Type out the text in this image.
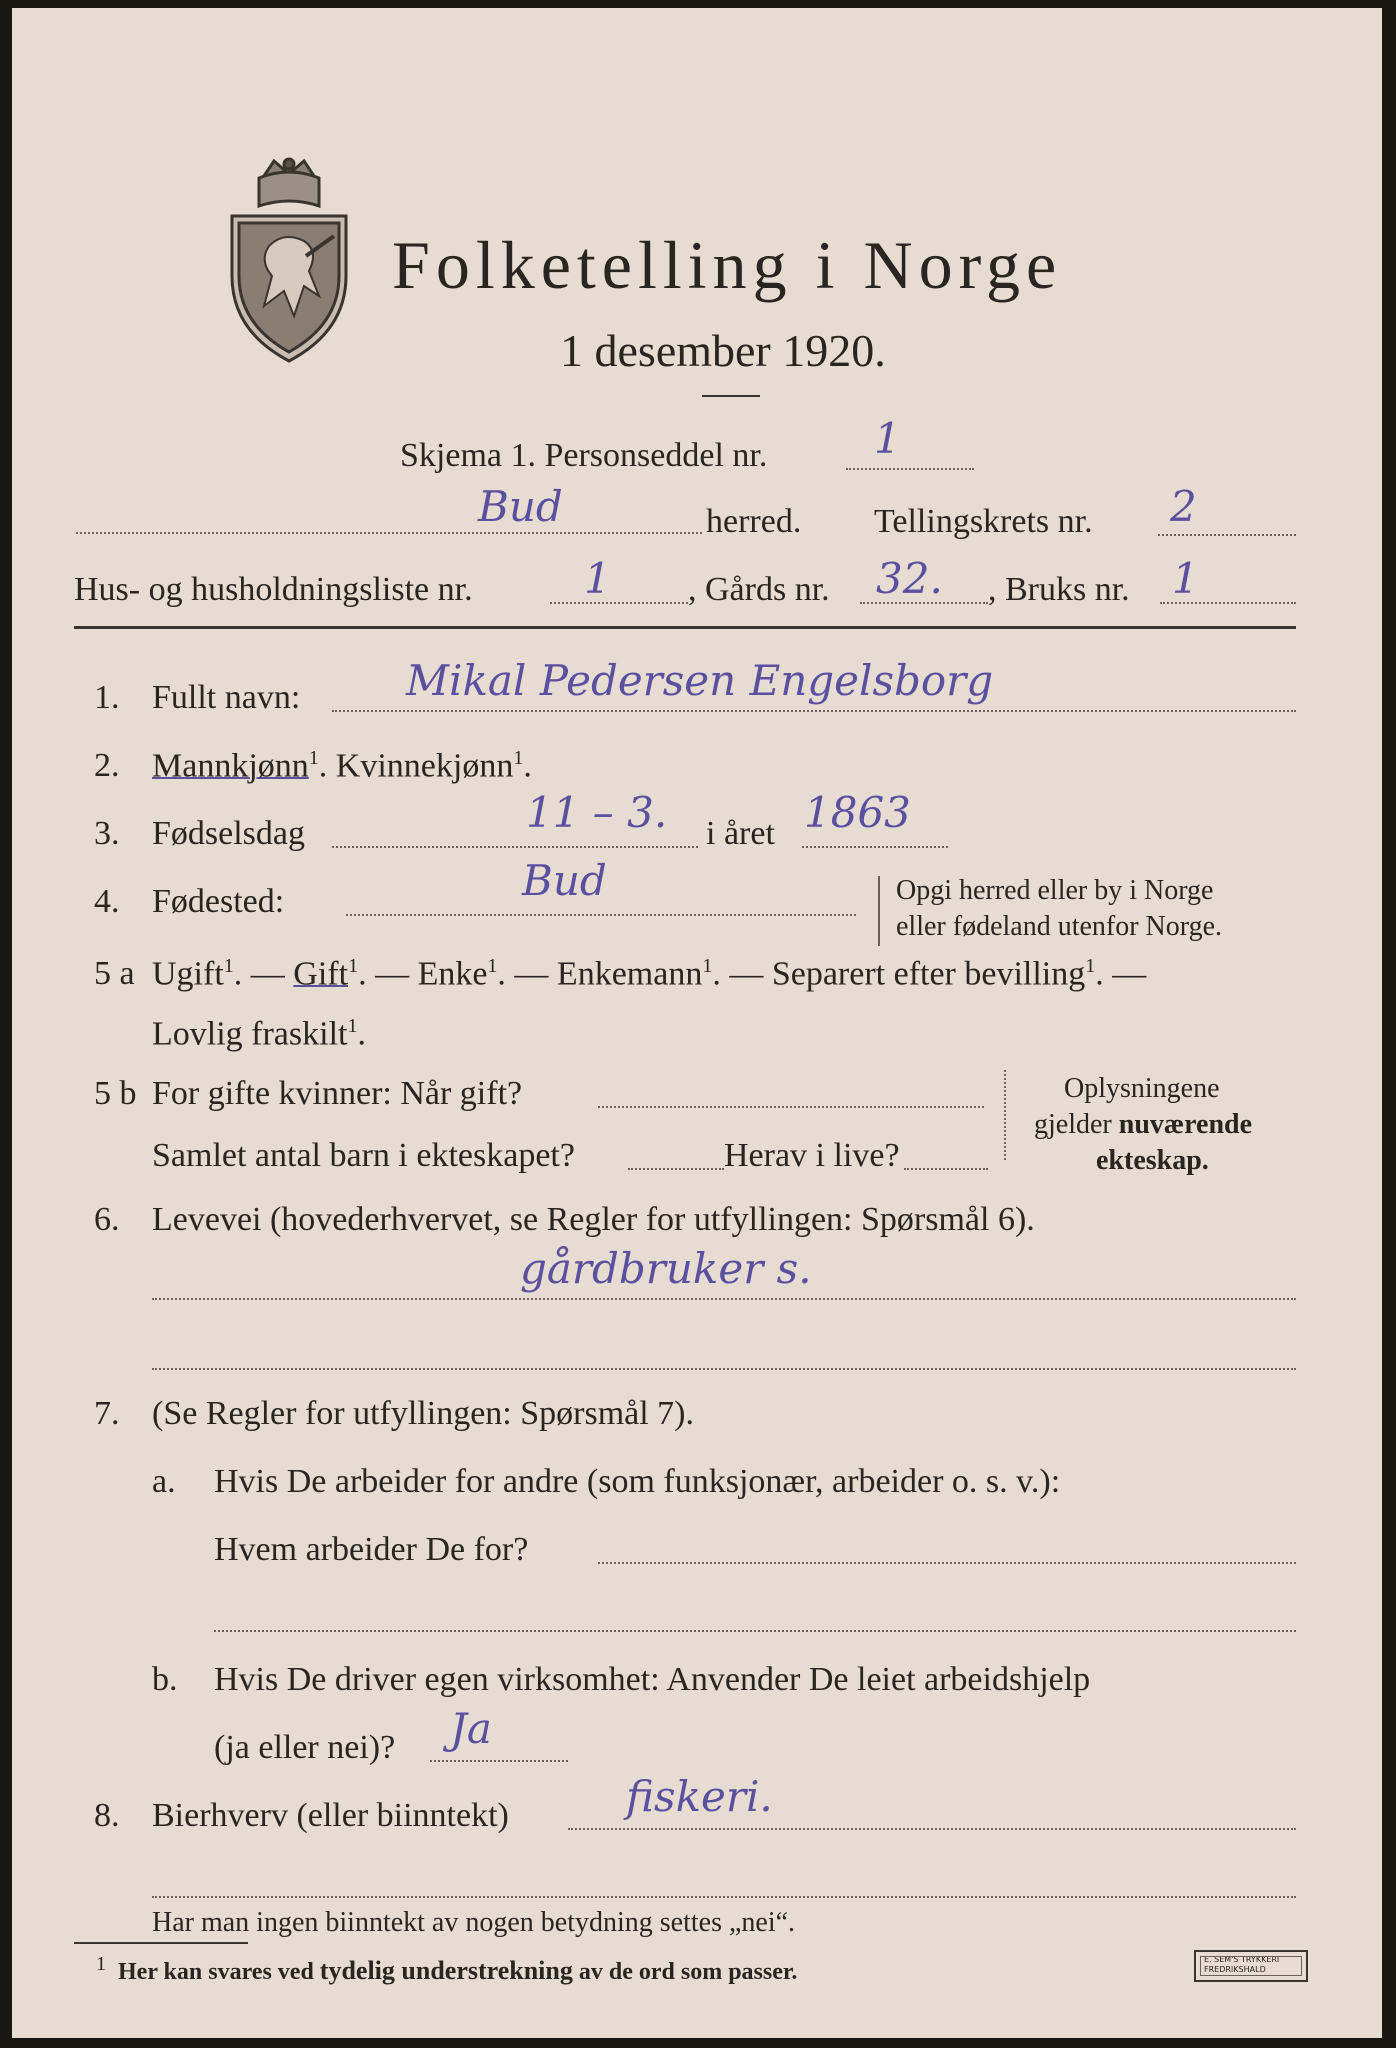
Folketelling i Norge
1 desember 1920.
Skjema 1. Personseddel nr.	1
Bud	herred. Tellingskrets nr. 2
Hus- og husholdningsliste nr.	1 , Gårds nr. 32. , Bruks nr. 1
1. Fullt navn:	Mikal Pedersen Engelsborg
2. Mannkjønn$^1$. Kvinnekjønn$^1$.
3. Fødselsdag	11 – 3. i året 1863
4. Fødested:	Bud	Opgi herred eller by i Norge
eller fødeland utenfor Norge.
5 a Ugift$^1$. — Gift$^1$. — Enke$^1$. — Enkemann$^1$. — Separert efter bevilling$^1$. —
Lovlig fraskilt$^1$.
5 b For gifte kvinner: Når gift?
Samlet antal barn i ekteskapet?	Herav i live?
Oplysningene
gjelder nuværende
ekteskap.
6. Levevei (hovederhvervet, se Regler for utfyllingen: Spørsmål 6).
gårdbruker s.
7. (Se Regler for utfyllingen: Spørsmål 7).
a. Hvis De arbeider for andre (som funksjonær, arbeider o. s. v.):
Hvem arbeider De for?
b. Hvis De driver egen virksomhet: Anvender De leiet arbeidshjelp
(ja eller nei)? Ja
8. Bierhverv (eller biinntekt)	fiskeri.
Har man ingen biinntekt av nogen betydning settes „nei“.
$^1$ Her kan svares ved tydelig understrekning av de ord som passer.	E. SEM'S TRYKKERI
FREDRIKSHALD
